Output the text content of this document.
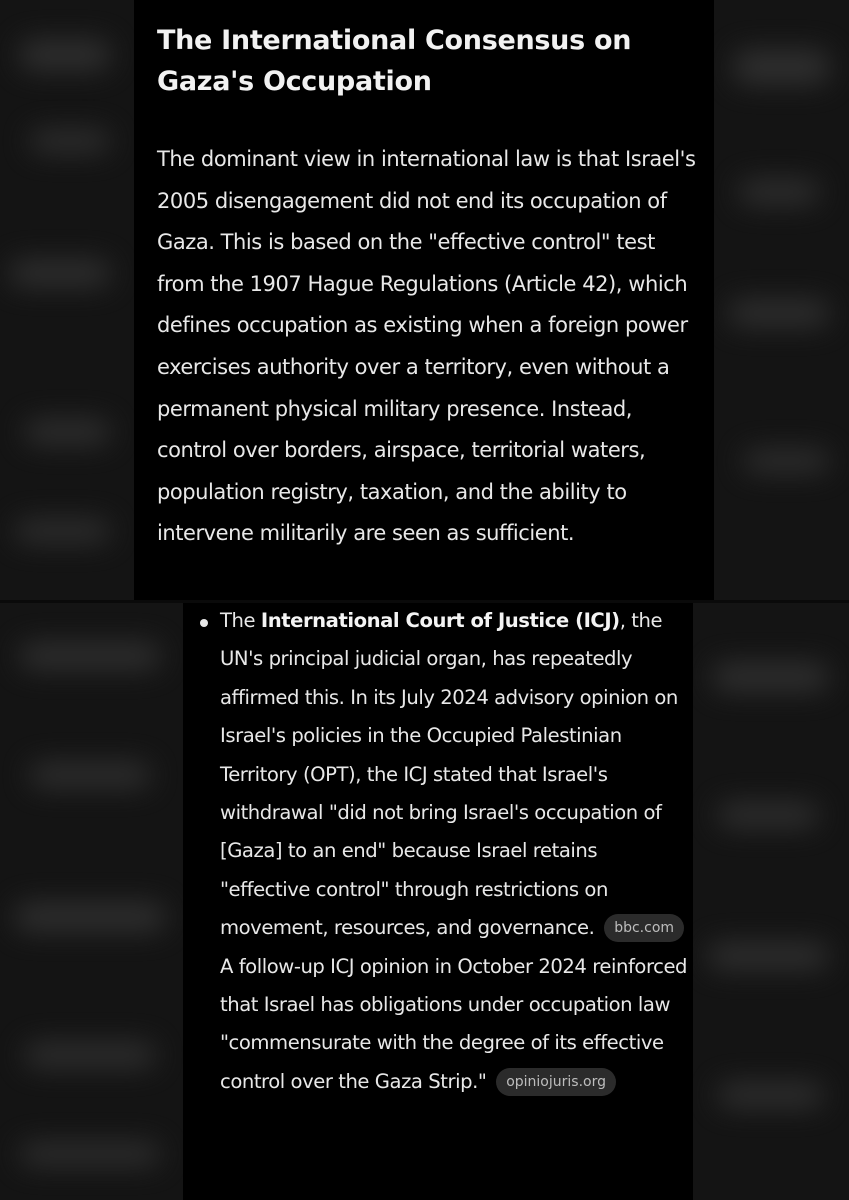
The International Consensus on Gaza's Occupation

The dominant view in international law is that Israel's 2005 disengagement did not end its occupation of Gaza. This is based on the "effective control" test from the 1907 Hague Regulations (Article 42), which defines occupation as existing when a foreign power exercises authority over a territory, even without a permanent physical military presence. Instead, control over borders, airspace, territorial waters, population registry, taxation, and the ability to intervene militarily are seen as sufficient.

The International Court of Justice (ICJ), the UN's principal judicial organ, has repeatedly affirmed this. In its July 2024 advisory opinion on Israel's policies in the Occupied Palestinian Territory (OPT), the ICJ stated that Israel's withdrawal "did not bring Israel's occupation of [Gaza] to an end" because Israel retains "effective control" through restrictions on movement, resources, and governance. bbc.com A follow-up ICJ opinion in October 2024 reinforced that Israel has obligations under occupation law "commensurate with the degree of its effective control over the Gaza Strip." opiniojuris.org
